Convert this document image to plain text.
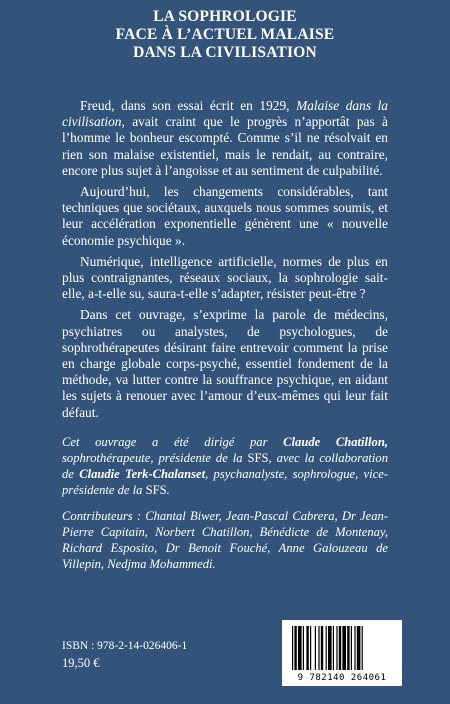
LA SOPHROLOGIE
FACE À L’ACTUEL MALAISE
DANS LA CIVILISATION

Freud, dans son essai écrit en 1929, Malaise dans la civilisation, avait craint que le progrès n’apportât pas à l’homme le bonheur escompté. Comme s’il ne résolvait en rien son malaise existentiel, mais le rendait, au contraire, encore plus sujet à l’angoisse et au sentiment de culpabilité.

Aujourd’hui, les changements considérables, tant techniques que sociétaux, auxquels nous sommes soumis, et leur accélération exponentielle génèrent une « nouvelle économie psychique ».

Numérique, intelligence artificielle, normes de plus en plus contraignantes, réseaux sociaux, la sophrologie sait-elle, a-t-elle su, saura-t-elle s’adapter, résister peut-être ?

Dans cet ouvrage, s’exprime la parole de médecins, psychiatres ou analystes, de psychologues, de sophrothérapeutes désirant faire entrevoir comment la prise en charge globale corps-psyché, essentiel fondement de la méthode, va lutter contre la souffrance psychique, en aidant les sujets à renouer avec l’amour d’eux-mêmes qui leur fait défaut.

Cet ouvrage a été dirigé par Claude Chatillon, sophrothérapeute, présidente de la SFS, avec la collaboration de Claudie Terk-Chalanset, psychanalyste, sophrologue, vice-présidente de la SFS.

Contributeurs : Chantal Biwer, Jean-Pascal Cabrera, Dr Jean-Pierre Capitain, Norbert Chatillon, Bénédicte de Montenay, Richard Esposito, Dr Benoit Fouché, Anne Galouzeau de Villepin, Nedjma Mohammedi.

ISBN : 978-2-14-026406-1
19,50 €
9 782140 264061
